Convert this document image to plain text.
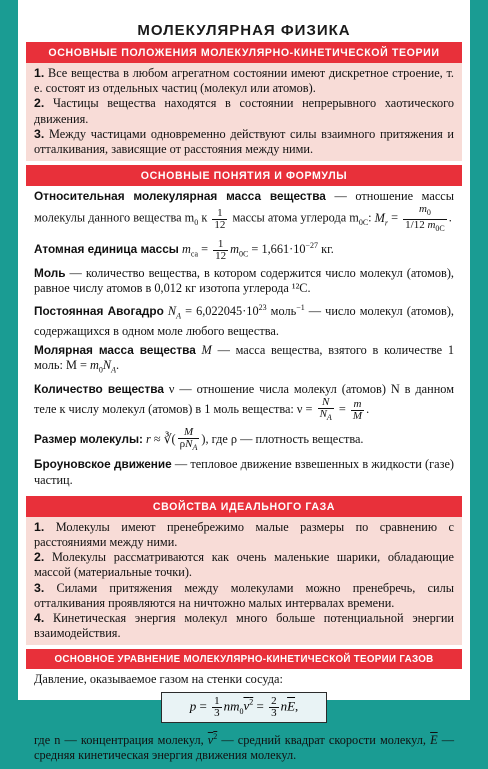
МОЛЕКУЛЯРНАЯ ФИЗИКА
ОСНОВНЫЕ ПОЛОЖЕНИЯ МОЛЕКУЛЯРНО-КИНЕТИЧЕСКОЙ ТЕОРИИ

1. Все вещества в любом агрегатном состоянии имеют дискретное строение, т. е. состоят из отдельных частиц (молекул или атомов).

2. Частицы вещества находятся в состоянии непрерывного хаотического движения.

3. Между частицами одновременно действуют силы взаимного притяжения и отталкивания, зависящие от расстояния между ними.

ОСНОВНЫЕ ПОНЯТИЯ И ФОРМУЛЫ

Относительная молекулярная масса вещества — отношение массы молекулы данного вещества $m_0$ к $\frac{1}{12}$ массы атома углерода $m_{0C}$: $M_r = \frac{m_0}{1/12 m_{0C}}$ .

Атомная единица массы $m_{са} = \frac{1}{12} m_{0C} = 1,661\cdot 10^{-27}$ кг.

Моль — количество вещества, в котором содержится число молекул (атомов), равное числу атомов в 0,012 кг изотопа углерода ¹²C.

Постоянная Авогадро $N_A = 6,022045\cdot 10^{23}$ моль$^{-1}$ — число молекул (атомов), содержащихся в одном моле любого вещества.

Молярная масса вещества M — масса вещества, взятого в количестве 1 моль: $M = m_0N_A$.

Количество вещества ν — отношение числа молекул (атомов) N в данном теле к числу молекул (атомов) в 1 моль вещества: $\nu = \frac{N}{N_A} = \frac{m}{M}$ .

Размер молекулы: r ≈ ∛( $\frac{M}{\rho N_A}$ ), где ρ — плотность вещества.

Броуновское движение — тепловое движение взвешенных в жидкости (газе) частиц.

СВОЙСТВА ИДЕАЛЬНОГО ГАЗА

1. Молекулы имеют пренебрежимо малые размеры по сравнению с расстояниями между ними.

2. Молекулы рассматриваются как очень маленькие шарики, обладающие массой (материальные точки).

3. Силами притяжения между молекулами можно пренебречь, силы отталкивания проявляются на ничтожно малых интервалах времени.

4. Кинетическая энергия молекул много больше потенциальной энергии взаимодействия.

ОСНОВНОЕ УРАВНЕНИЕ МОЛЕКУЛЯРНО-КИНЕТИЧЕСКОЙ ТЕОРИИ ГАЗОВ

Давление, оказываемое газом на стенки сосуда:

$p = \frac{1}{3} nm_0v^2 = \frac{2}{3} n\overline{E}$,

где n — концентрация молекул, $v^2$ — средний квадрат скорости молекул, $\overline{E}$ — средняя кинетическая энергия движения молекул.
